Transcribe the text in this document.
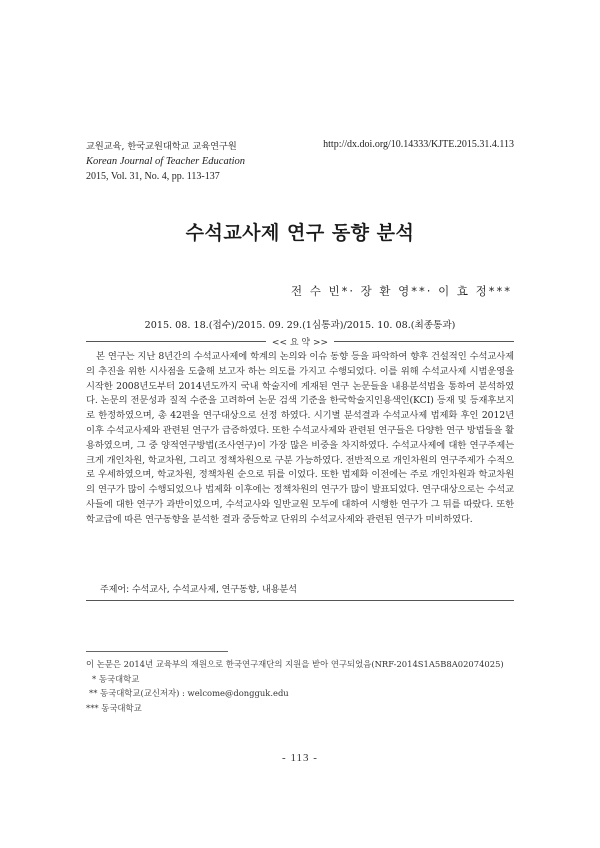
교원교육, 한국교원대학교 교육연구원
Korean Journal of Teacher Education
2015, Vol. 31, No. 4, pp. 113-137
http://dx.doi.org/10.14333/KJTE.2015.31.4.113
수석교사제 연구 동향 분석
전 수 빈*· 장 환 영**· 이 효 정***
2015. 08. 18.(접수)/2015. 09. 29.(1심통과)/2015. 10. 08.(최종통과)
<< 요 약 >>
본 연구는 지난 8년간의 수석교사제에 학계의 논의와 이슈 동향 등을 파악하여 향후 건설적인 수석교사제의 추진을 위한 시사점을 도출해 보고자 하는 의도를 가지고 수행되었다. 이를 위해 수석교사제 시범운영을 시작한 2008년도부터 2014년도까지 국내 학술지에 게재된 연구 논문들을 내용분석법을 통하여 분석하였다. 논문의 전문성과 질적 수준을 고려하여 논문 검색 기준을 한국학술지인용색인(KCI) 등재 및 등재후보지로 한정하였으며, 총 42편을 연구대상으로 선정 하였다. 시기별 분석결과 수석교사제 법제화 후인 2012년 이후 수석교사제와 관련된 연구가 급증하였다. 또한 수석교사제와 관련된 연구들은 다양한 연구 방법들을 활용하였으며, 그 중 양적연구방법(조사연구)이 가장 많은 비중을 차지하였다. 수석교사제에 대한 연구주제는 크게 개인차원, 학교차원, 그리고 정책차원으로 구분 가능하였다. 전반적으로 개인차원의 연구주제가 수적으로 우세하였으며, 학교차원, 정책차원 순으로 뒤를 이었다. 또한 법제화 이전에는 주로 개인차원과 학교차원의 연구가 많이 수행되었으나 법제화 이후에는 정책차원의 연구가 많이 발표되었다. 연구대상으로는 수석교사들에 대한 연구가 과반이었으며, 수석교사와 일반교원 모두에 대하여 시행한 연구가 그 뒤를 따랐다. 또한 학교급에 따른 연구동향을 분석한 결과 중등학교 단위의 수석교사제와 관련된 연구가 미비하였다.
주제어: 수석교사, 수석교사제, 연구동향, 내용분석
이 논문은 2014년 교육부의 재원으로 한국연구재단의 지원을 받아 연구되었음(NRF-2014S1A5B8A02074025)
* 동국대학교
** 동국대학교(교신저자) : welcome@dongguk.edu
*** 동국대학교
- 113 -
